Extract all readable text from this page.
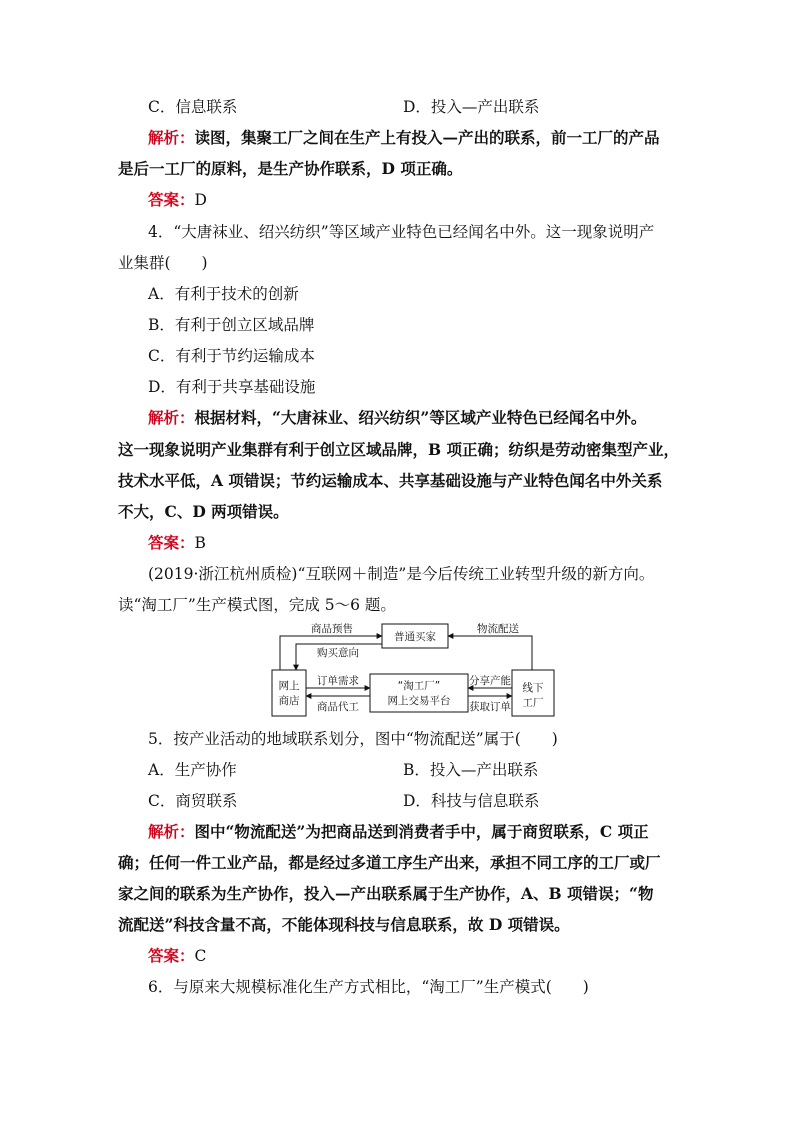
C．信息联系	D．投入—产出联系
解析：读图，集聚工厂之间在生产上有投入—产出的联系，前一工厂的产品
是后一工厂的原料，是生产协作联系，D 项正确。
答案：D
4．“大唐袜业、绍兴纺织”等区域产业特色已经闻名中外。这一现象说明产
业集群(　　)
A．有利于技术的创新
B．有利于创立区域品牌
C．有利于节约运输成本
D．有利于共享基础设施
解析：根据材料，“大唐袜业、绍兴纺织”等区域产业特色已经闻名中外。
这一现象说明产业集群有利于创立区域品牌，B 项正确；纺织是劳动密集型产业，
技术水平低，A 项错误；节约运输成本、共享基础设施与产业特色闻名中外关系
不大，C、D 两项错误。
答案：B
(2019·浙江杭州质检)“互联网＋制造”是今后传统工业转型升级的新方向。
读“淘工厂”生产模式图，完成 5～6 题。
普通买家
网上
商店
“淘工厂”
网上交易平台
线下
工厂
商品预售
购买意向
物流配送
订单需求
商品代工
分享产能
获取订单
5．按产业活动的地域联系划分，图中“物流配送”属于(　　)
A．生产协作	B．投入—产出联系
C．商贸联系	D．科技与信息联系
解析：图中“物流配送”为把商品送到消费者手中，属于商贸联系，C 项正
确；任何一件工业产品，都是经过多道工序生产出来，承担不同工序的工厂或厂
家之间的联系为生产协作，投入—产出联系属于生产协作，A、B 项错误；“物
流配送”科技含量不高，不能体现科技与信息联系，故 D 项错误。
答案：C
6．与原来大规模标准化生产方式相比，“淘工厂”生产模式(　　)
